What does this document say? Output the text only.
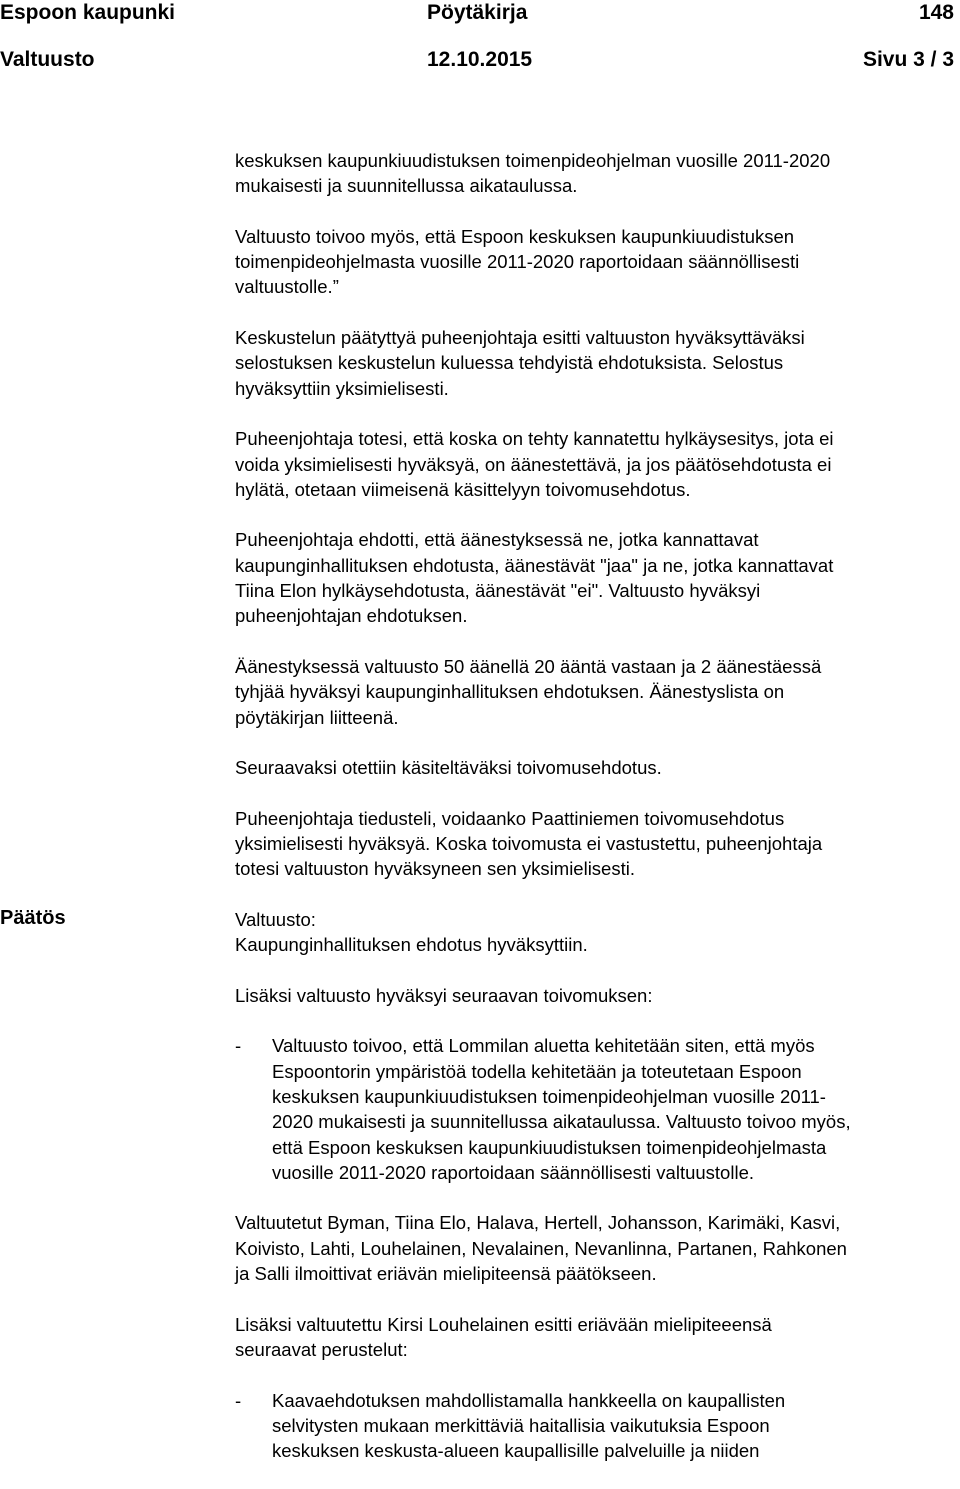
Espoon kaupunki	Pöytäkirja	148
Valtuusto	12.10.2015	Sivu 3 / 3
Päätös
keskuksen kaupunkiuudistuksen toimenpideohjelman vuosille 2011-2020
mukaisesti ja suunnitellussa aikataulussa.
Valtuusto toivoo myös, että Espoon keskuksen kaupunkiuudistuksen
toimenpideohjelmasta vuosille 2011-2020 raportoidaan säännöllisesti
valtuustolle.”
Keskustelun päätyttyä puheenjohtaja esitti valtuuston hyväksyttäväksi
selostuksen keskustelun kuluessa tehdyistä ehdotuksista. Selostus
hyväksyttiin yksimielisesti.
Puheenjohtaja totesi, että koska on tehty kannatettu hylkäysesitys, jota ei
voida yksimielisesti hyväksyä, on äänestettävä, ja jos päätösehdotusta ei
hylätä, otetaan viimeisenä käsittelyyn toivomusehdotus.
Puheenjohtaja ehdotti, että äänestyksessä ne, jotka kannattavat
kaupunginhallituksen ehdotusta, äänestävät "jaa" ja ne, jotka kannattavat
Tiina Elon hylkäysehdotusta, äänestävät "ei". Valtuusto hyväksyi
puheenjohtajan ehdotuksen.
Äänestyksessä valtuusto 50 äänellä 20 ääntä vastaan ja 2 äänestäessä
tyhjää hyväksyi kaupunginhallituksen ehdotuksen. Äänestyslista on
pöytäkirjan liitteenä.
Seuraavaksi otettiin käsiteltäväksi toivomusehdotus.
Puheenjohtaja tiedusteli, voidaanko Paattiniemen toivomusehdotus
yksimielisesti hyväksyä. Koska toivomusta ei vastustettu, puheenjohtaja
totesi valtuuston hyväksyneen sen yksimielisesti.
Valtuusto:
Kaupunginhallituksen ehdotus hyväksyttiin.
Lisäksi valtuusto hyväksyi seuraavan toivomuksen:
- Valtuusto toivoo, että Lommilan aluetta kehitetään siten, että myös
Espoontorin ympäristöä todella kehitetään ja toteutetaan Espoon
keskuksen kaupunkiuudistuksen toimenpideohjelman vuosille 2011-
2020 mukaisesti ja suunnitellussa aikataulussa. Valtuusto toivoo myös,
että Espoon keskuksen kaupunkiuudistuksen toimenpideohjelmasta
vuosille 2011-2020 raportoidaan säännöllisesti valtuustolle.
Valtuutetut Byman, Tiina Elo, Halava, Hertell, Johansson, Karimäki, Kasvi,
Koivisto, Lahti, Louhelainen, Nevalainen, Nevanlinna, Partanen, Rahkonen
ja Salli ilmoittivat eriävän mielipiteensä päätökseen.
Lisäksi valtuutettu Kirsi Louhelainen esitti eriävään mielipiteeensä
seuraavat perustelut:
- Kaavaehdotuksen mahdollistamalla hankkeella on kaupallisten
selvitysten mukaan merkittäviä haitallisia vaikutuksia Espoon
keskuksen keskusta-alueen kaupallisille palveluille ja niiden
